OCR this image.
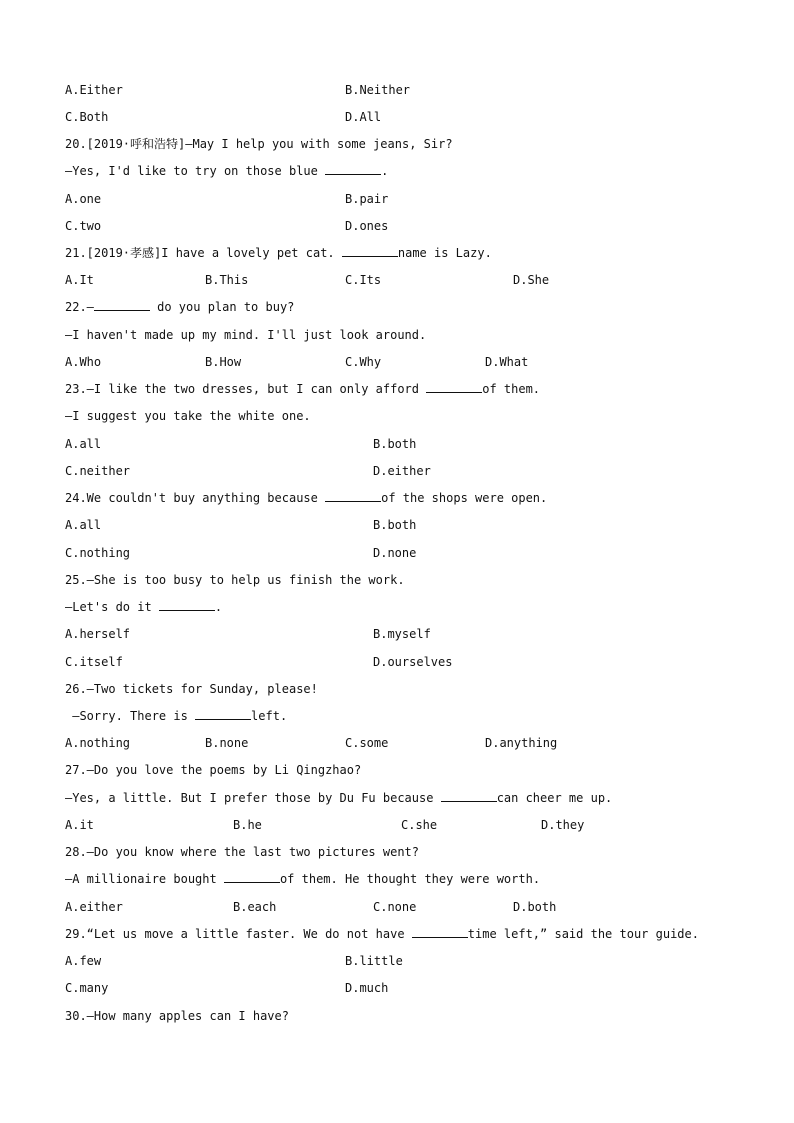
A.Either	B.Neither
C.Both	D.All
20.[2019·呼和浩特]—May I help you with some jeans, Sir?
—Yes, I'd like to try on those blue	.
A.one	B.pair
C.two	D.ones
21.[2019·孝感]I have a lovely pet cat.	name is Lazy.
A.It	B.This	C.Its	D.She
22.—	do you plan to buy?
—I haven't made up my mind. I'll just look around.
A.Who	B.How	C.Why	D.What
23.—I like the two dresses, but I can only afford	of them.
—I suggest you take the white one.
A.all	B.both
C.neither	D.either
24.We couldn't buy anything because	of the shops were open.
A.all	B.both
C.nothing	D.none
25.—She is too busy to help us finish the work.
—Let's do it	.
A.herself	B.myself
C.itself	D.ourselves
26.—Two tickets for Sunday, please!
—Sorry. There is	left.
A.nothing	B.none	C.some	D.anything
27.—Do you love the poems by Li Qingzhao?
—Yes, a little. But I prefer those by Du Fu because	can cheer me up.
A.it	B.he	C.she	D.they
28.—Do you know where the last two pictures went?
—A millionaire bought	of them. He thought they were worth.
A.either	B.each	C.none	D.both
29.“Let us move a little faster. We do not have	time left,” said the tour guide.
A.few	B.little
C.many	D.much
30.—How many apples can I have?
